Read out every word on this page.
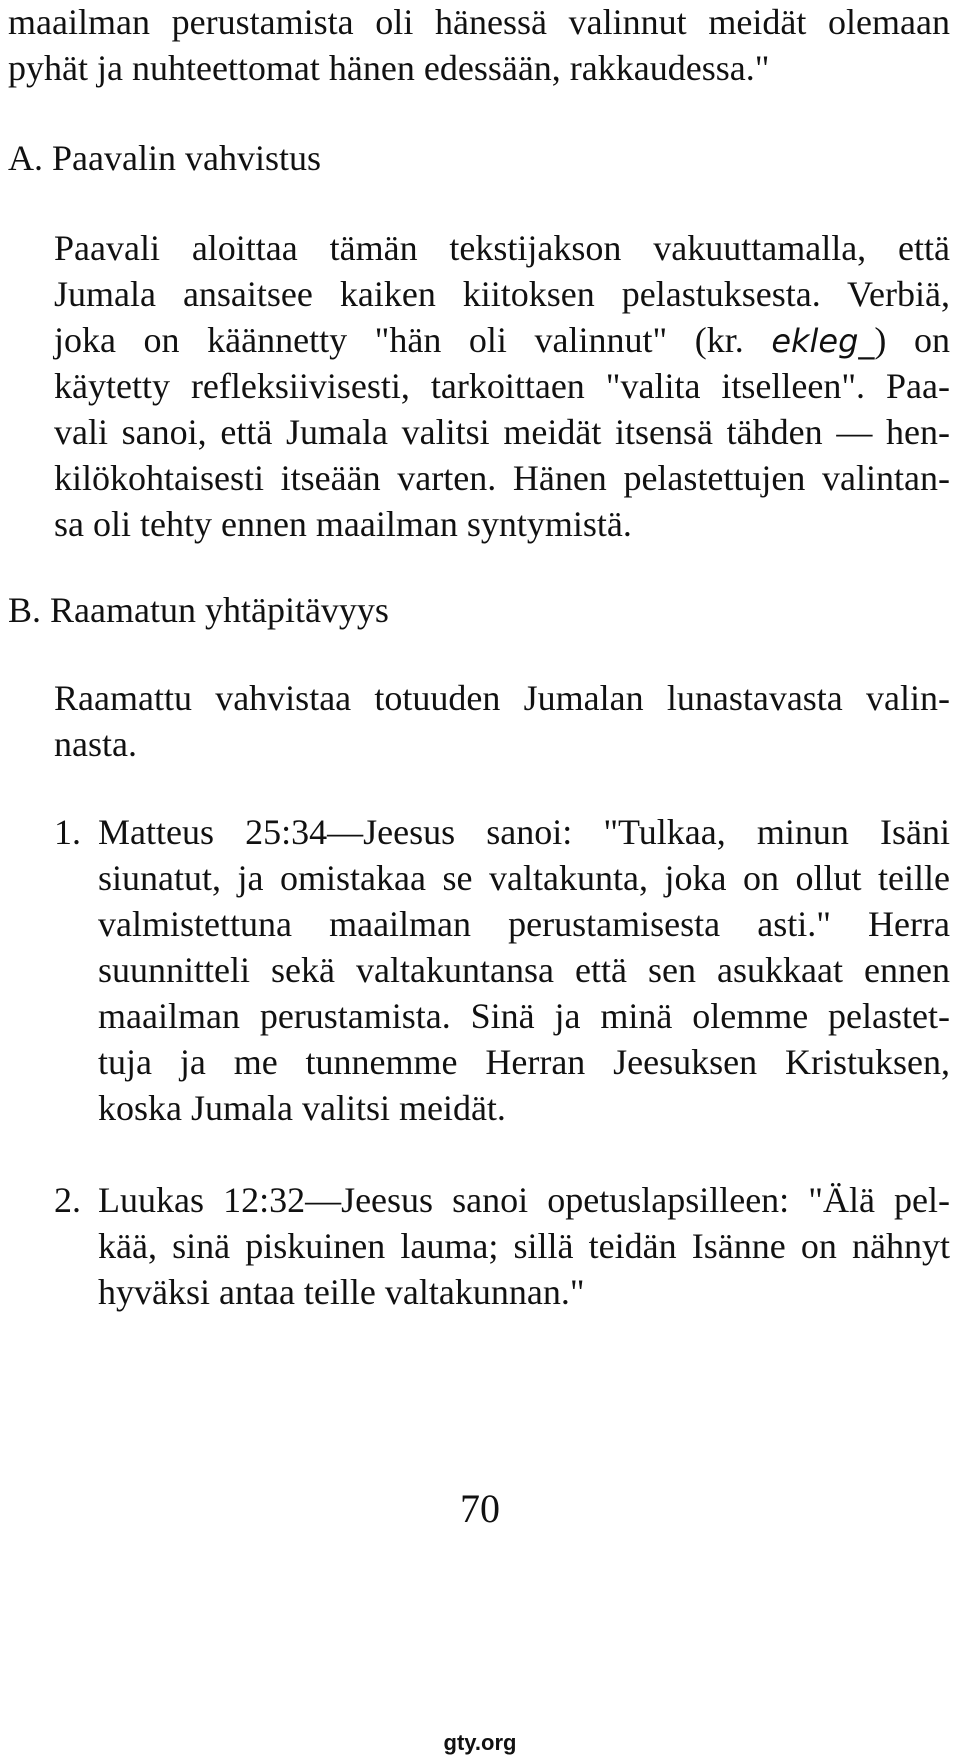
maailman perustamista oli hänessä valinnut meidät olemaan
pyhät ja nuhteettomat hänen edessään, rakkaudessa."
A. Paavalin vahvistus
Paavali aloittaa tämän tekstijakson vakuuttamalla, että
Jumala ansaitsee kaiken kiitoksen pelastuksesta. Verbiä,
joka on käännetty "hän oli valinnut" (kr. ekleg_) on
käytetty refleksiivisesti, tarkoittaen "valita itselleen". Paa-
vali sanoi, että Jumala valitsi meidät itsensä tähden — hen-
kilökohtaisesti itseään varten. Hänen pelastettujen valintan-
sa oli tehty ennen maailman syntymistä.
B. Raamatun yhtäpitävyys
Raamattu vahvistaa totuuden Jumalan lunastavasta valin-
nasta.
1. Matteus 25:34—Jeesus sanoi: "Tulkaa, minun Isäni
siunatut, ja omistakaa se valtakunta, joka on ollut teille
valmistettuna maailman perustamisesta asti." Herra
suunnitteli sekä valtakuntansa että sen asukkaat ennen
maailman perustamista. Sinä ja minä olemme pelastet-
tuja ja me tunnemme Herran Jeesuksen Kristuksen,
koska Jumala valitsi meidät.
2. Luukas 12:32—Jeesus sanoi opetuslapsilleen: "Älä pel-
kää, sinä piskuinen lauma; sillä teidän Isänne on nähnyt
hyväksi antaa teille valtakunnan."
70
gty.org
